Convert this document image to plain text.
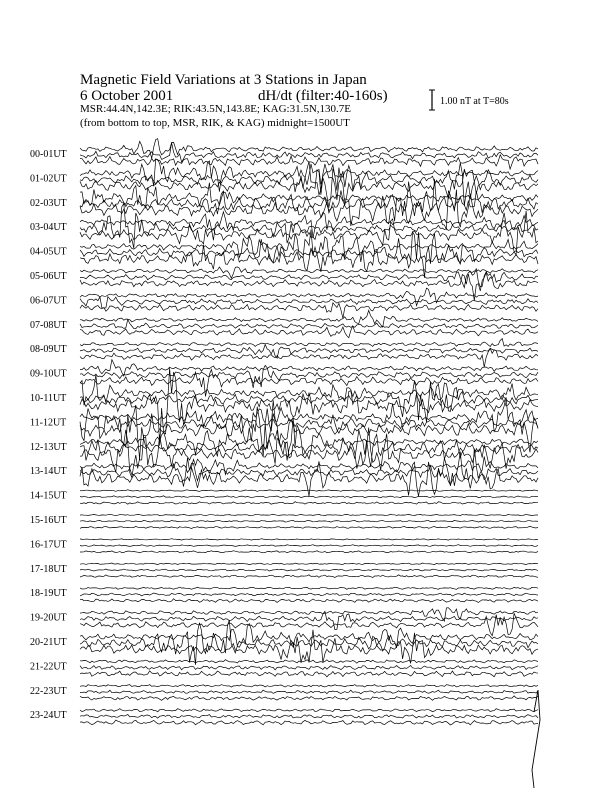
Magnetic Field Variations at 3 Stations in Japan
6 October 2001	dH/dt (filter:40-160s)
MSR:44.4N,142.3E; RIK:43.5N,143.8E; KAG:31.5N,130.7E
(from bottom to top, MSR, RIK, & KAG) midnight=1500UT
1.00 nT at T=80s
00-01UT
01-02UT
02-03UT
03-04UT
04-05UT
05-06UT
06-07UT
07-08UT
08-09UT
09-10UT
10-11UT
11-12UT
12-13UT
13-14UT
14-15UT
15-16UT
16-17UT
17-18UT
18-19UT
19-20UT
20-21UT
21-22UT
22-23UT
23-24UT
